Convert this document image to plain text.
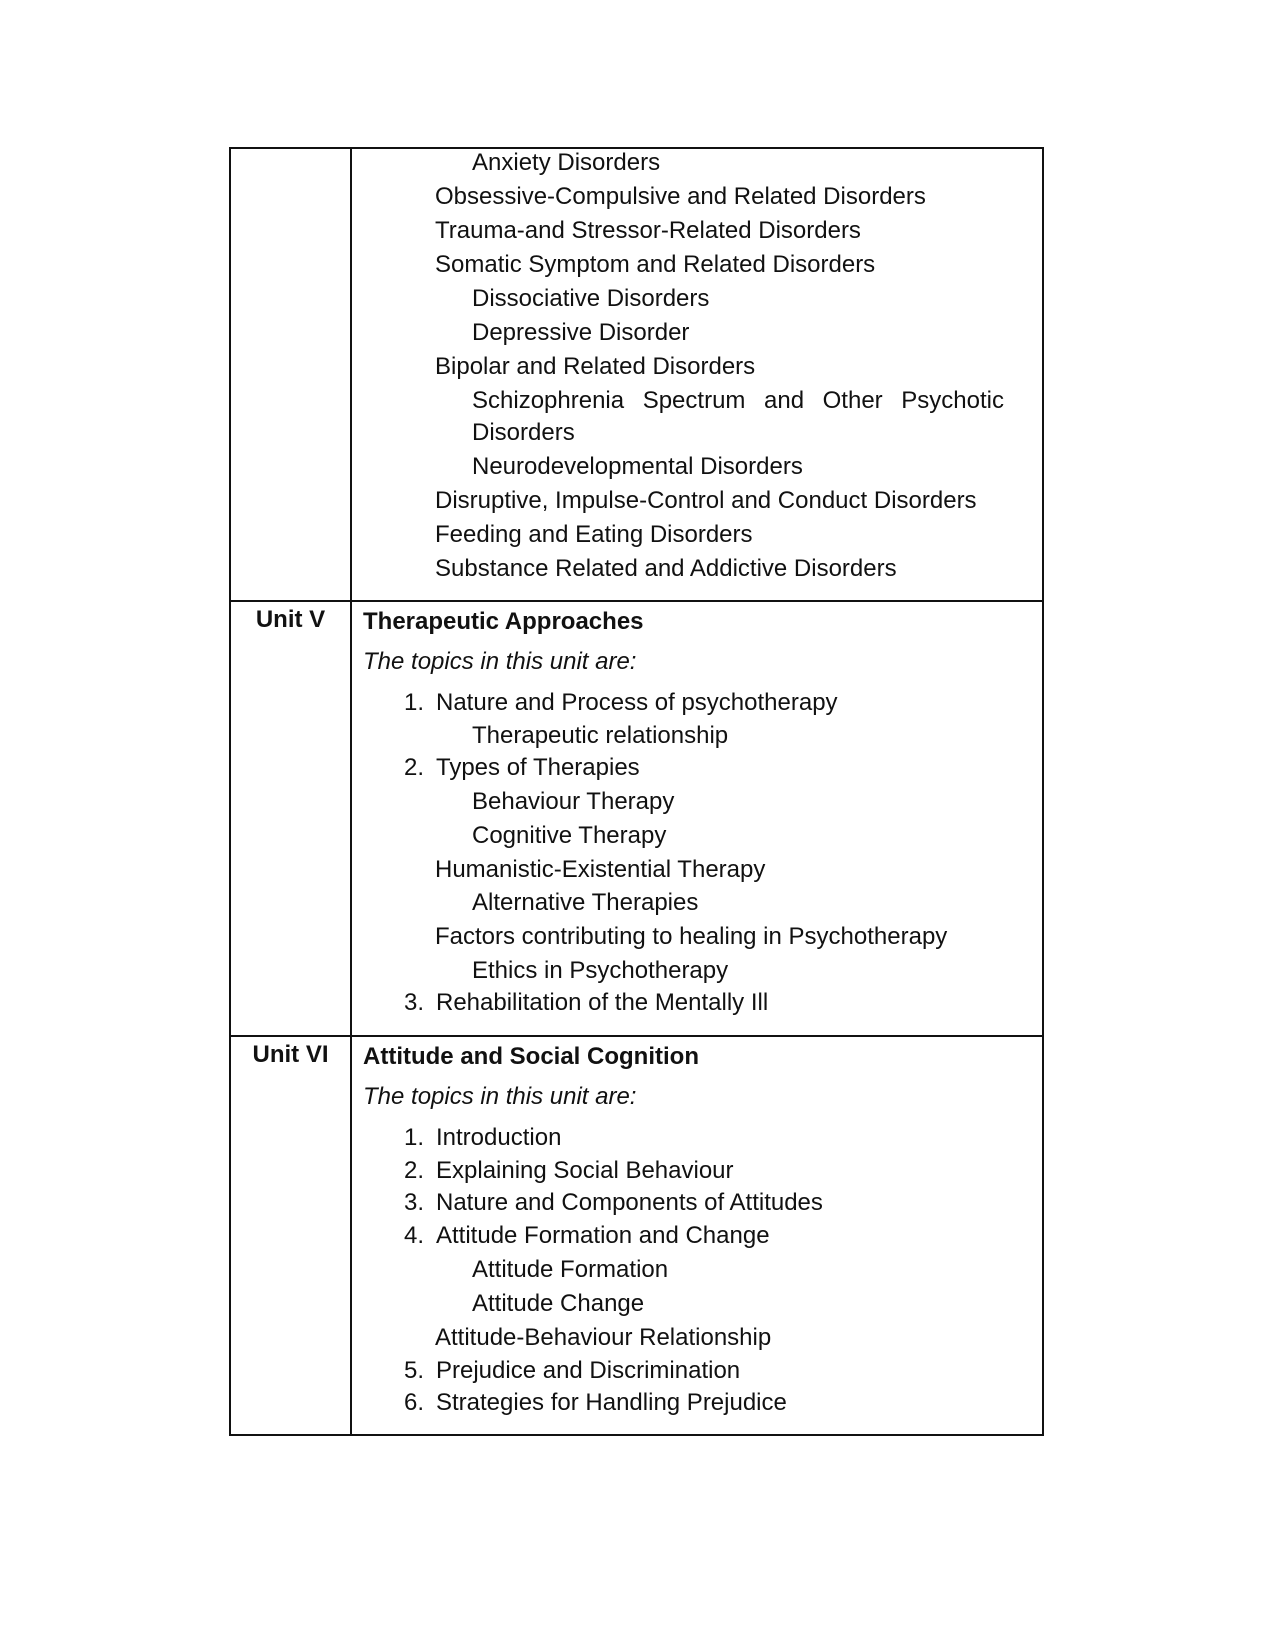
Anxiety Disorders
Obsessive-Compulsive and Related Disorders
Trauma-and Stressor-Related Disorders
Somatic Symptom and Related Disorders
Dissociative Disorders
Depressive Disorder
Bipolar and Related Disorders
Schizophrenia Spectrum and Other Psychotic
Disorders
Neurodevelopmental Disorders
Disruptive, Impulse-Control and Conduct Disorders
Feeding and Eating Disorders
Substance Related and Addictive Disorders
Unit V	Therapeutic Approaches
The topics in this unit are:
1. Nature and Process of psychotherapy
Therapeutic relationship
2. Types of Therapies
Behaviour Therapy
Cognitive Therapy
Humanistic-Existential Therapy
Alternative Therapies
Factors contributing to healing in Psychotherapy
Ethics in Psychotherapy
3. Rehabilitation of the Mentally Ill
Unit VI	Attitude and Social Cognition
The topics in this unit are:
1. Introduction
2. Explaining Social Behaviour
3. Nature and Components of Attitudes
4. Attitude Formation and Change
Attitude Formation
Attitude Change
Attitude-Behaviour Relationship
5. Prejudice and Discrimination
6. Strategies for Handling Prejudice
